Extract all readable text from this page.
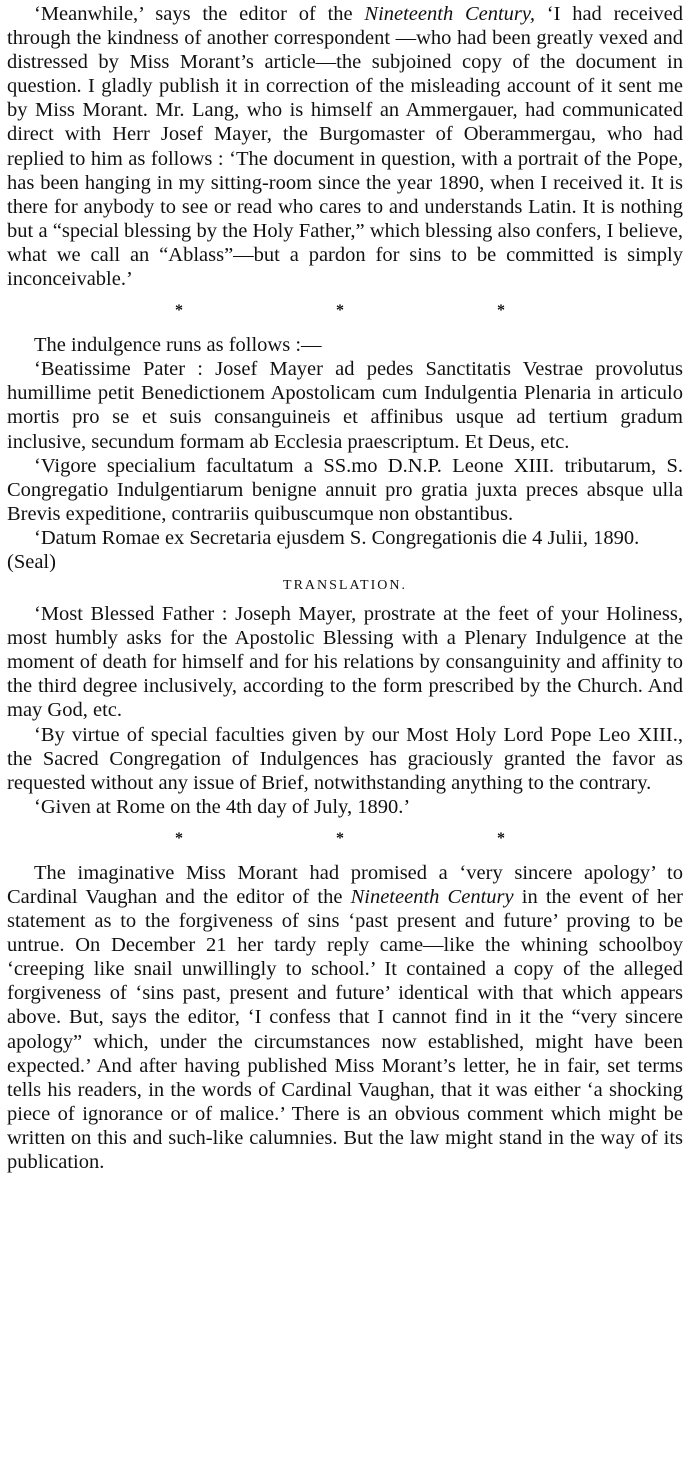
‘Meanwhile,’ says the editor of the Nineteenth Century, ‘I had received through the kindness of another correspondent —who had been greatly vexed and distressed by Miss Morant’s article—the subjoined copy of the document in question. I gladly publish it in correction of the misleading account of it sent me by Miss Morant. Mr. Lang, who is himself an Ammergauer, had communicated direct with Herr Josef Mayer, the Burgomaster of Oberammergau, who had replied to him as follows : ‘The document in question, with a portrait of the Pope, has been hanging in my sitting-room since the year 1890, when I received it. It is there for anybody to see or read who cares to and understands Latin. It is nothing but a “special blessing by the Holy Father,” which blessing also confers, I believe, what we call an “Ablass”—but a pardon for sins to be committed is simply inconceivable.’

*	*	*

The indulgence runs as follows :—

‘Beatissime Pater : Josef Mayer ad pedes Sanctitatis Vestrae provolutus humillime petit Benedictionem Apostolicam cum Indulgentia Plenaria in articulo mortis pro se et suis consanguineis et affinibus usque ad tertium gradum inclusive, secundum formam ab Ecclesia praescriptum. Et Deus, etc.

‘Vigore specialium facultatum a SS.mo D.N.P. Leone XIII. tributarum, S. Congregatio Indulgentiarum benigne annuit pro gratia juxta preces absque ulla Brevis expeditione, contrariis quibuscumque non obstantibus.

‘Datum Romae ex Secretaria ejusdem S. Congregationis die 4 Julii, 1890.

(Seal)

TRANSLATION.

‘Most Blessed Father : Joseph Mayer, prostrate at the feet of your Holiness, most humbly asks for the Apostolic Blessing with a Plenary Indulgence at the moment of death for himself and for his relations by consanguinity and affinity to the third degree inclusively, according to the form prescribed by the Church. And may God, etc.

‘By virtue of special faculties given by our Most Holy Lord Pope Leo XIII., the Sacred Congregation of Indulgences has graciously granted the favor as requested without any issue of Brief, notwithstanding anything to the contrary.

‘Given at Rome on the 4th day of July, 1890.’

*	*	*

The imaginative Miss Morant had promised a ‘very sincere apology’ to Cardinal Vaughan and the editor of the Nineteenth Century in the event of her statement as to the forgiveness of sins ‘past present and future’ proving to be untrue. On December 21 her tardy reply came—like the whining schoolboy ‘creeping like snail unwillingly to school.’ It contained a copy of the alleged forgiveness of ‘sins past, present and future’ identical with that which appears above. But, says the editor, ‘I confess that I cannot find in it the “very sincere apology” which, under the circumstances now established, might have been expected.’ And after having published Miss Morant’s letter, he in fair, set terms tells his readers, in the words of Cardinal Vaughan, that it was either ‘a shocking piece of ignorance or of malice.’ There is an obvious comment which might be written on this and such-like calumnies. But the law might stand in the way of its publication.
